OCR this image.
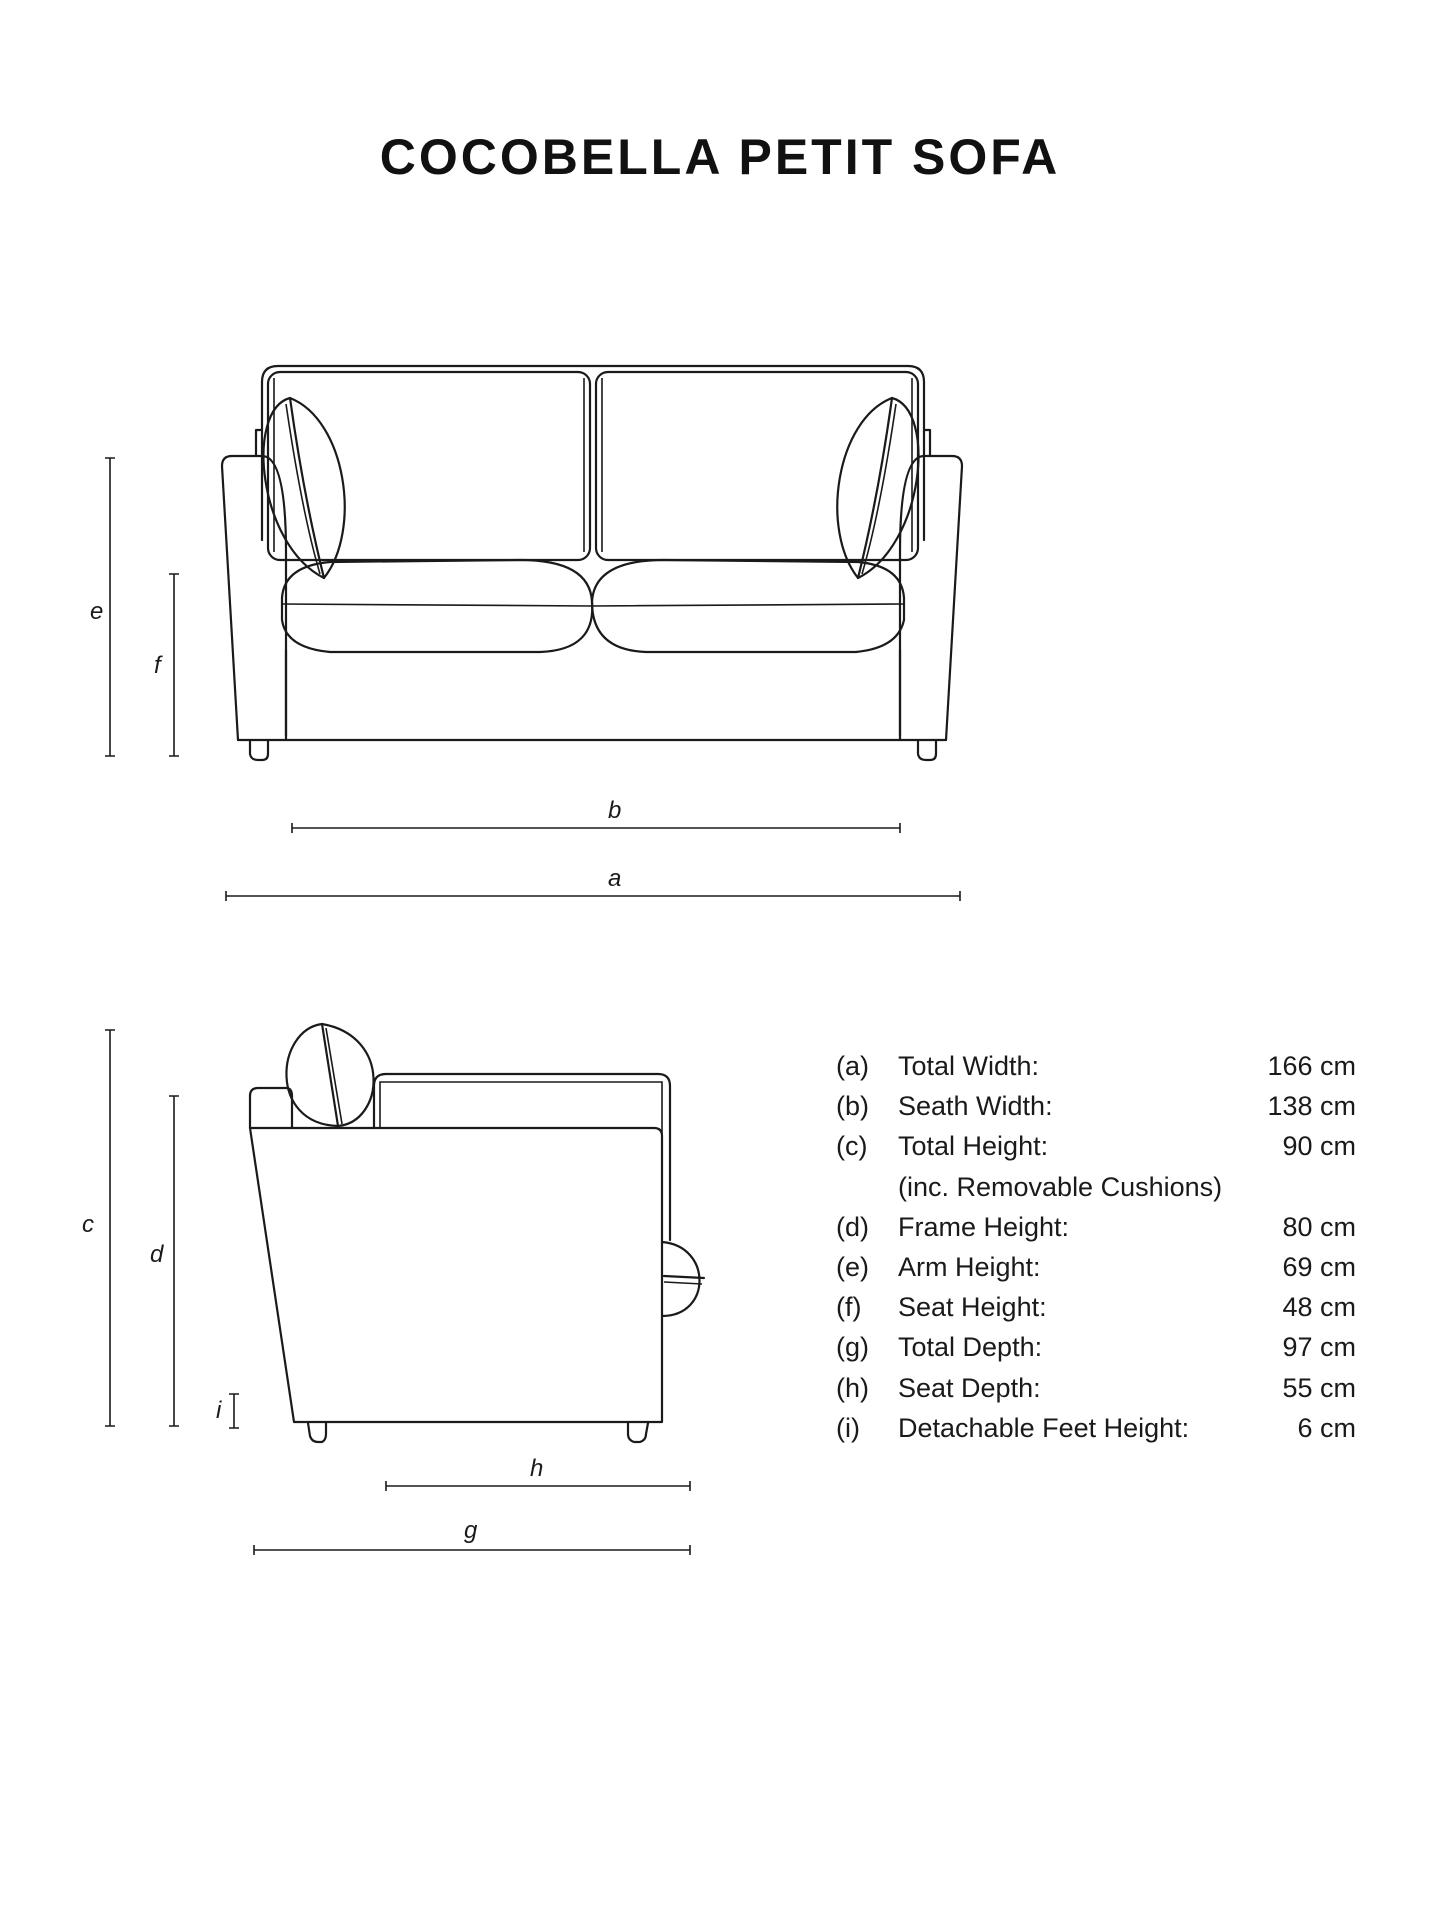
COCOBELLA PETIT SOFA
e
f
b
a
c
d
i
h
g
(a) Total Width:	166 cm
(b) Seath Width:	138 cm
(c) Total Height:	90 cm
(inc. Removable Cushions)
(d) Frame Height:	80 cm
(e) Arm Height:	69 cm
(f) Seat Height:	48 cm
(g) Total Depth:	97 cm
(h) Seat Depth:	55 cm
(i) Detachable Feet Height:	6 cm
